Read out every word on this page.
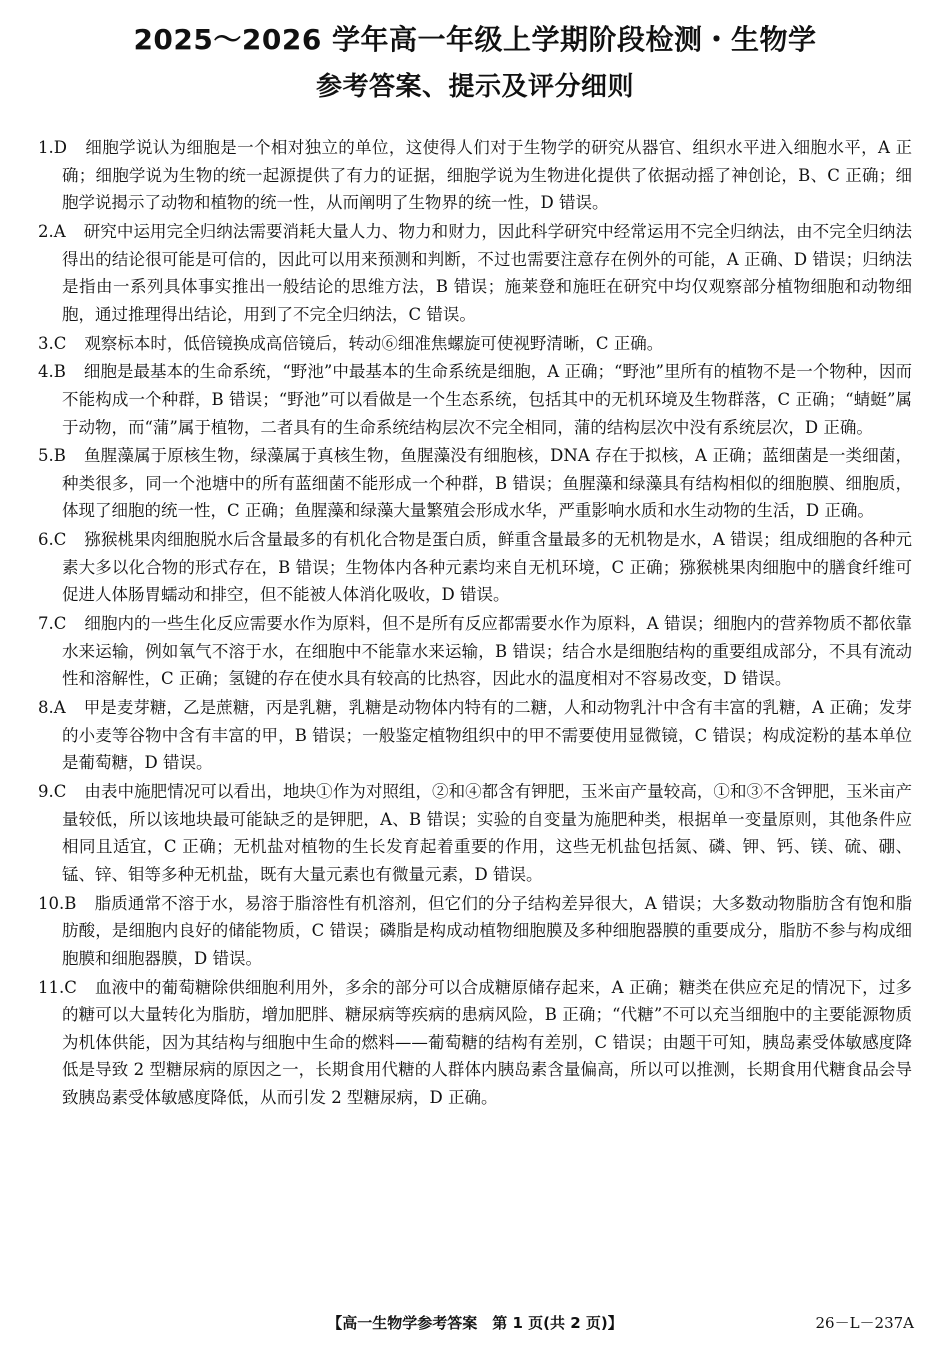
2025～2026 学年高一年级上学期阶段检测・生物学
参考答案、提示及评分细则

1.D 细胞学说认为细胞是一个相对独立的单位，这使得人们对于生物学的研究从器官、组织水平进入细胞水平，A 正确；细胞学说为生物的统一起源提供了有力的证据，细胞学说为生物进化提供了依据动摇了神创论，B、C 正确；细胞学说揭示了动物和植物的统一性，从而阐明了生物界的统一性，D 错误。

2.A 研究中运用完全归纳法需要消耗大量人力、物力和财力，因此科学研究中经常运用不完全归纳法，由不完全归纳法得出的结论很可能是可信的，因此可以用来预测和判断，不过也需要注意存在例外的可能，A 正确、D 错误；归纳法是指由一系列具体事实推出一般结论的思维方法，B 错误；施莱登和施旺在研究中均仅观察部分植物细胞和动物细胞，通过推理得出结论，用到了不完全归纳法，C 错误。

3.C 观察标本时，低倍镜换成高倍镜后，转动⑥细准焦螺旋可使视野清晰，C 正确。

4.B 细胞是最基本的生命系统，“野池”中最基本的生命系统是细胞，A 正确；“野池”里所有的植物不是一个物种，因而不能构成一个种群，B 错误；“野池”可以看做是一个生态系统，包括其中的无机环境及生物群落，C 正确；“蜻蜓”属于动物，而“蒲”属于植物，二者具有的生命系统结构层次不完全相同，蒲的结构层次中没有系统层次，D 正确。

5.B 鱼腥藻属于原核生物，绿藻属于真核生物，鱼腥藻没有细胞核，DNA 存在于拟核，A 正确；蓝细菌是一类细菌，种类很多，同一个池塘中的所有蓝细菌不能形成一个种群，B 错误；鱼腥藻和绿藻具有结构相似的细胞膜、细胞质，体现了细胞的统一性，C 正确；鱼腥藻和绿藻大量繁殖会形成水华，严重影响水质和水生动物的生活，D 正确。

6.C 猕猴桃果肉细胞脱水后含量最多的有机化合物是蛋白质，鲜重含量最多的无机物是水，A 错误；组成细胞的各种元素大多以化合物的形式存在，B 错误；生物体内各种元素均来自无机环境，C 正确；猕猴桃果肉细胞中的膳食纤维可促进人体肠胃蠕动和排空，但不能被人体消化吸收，D 错误。

7.C 细胞内的一些生化反应需要水作为原料，但不是所有反应都需要水作为原料，A 错误；细胞内的营养物质不都依靠水来运输，例如氧气不溶于水，在细胞中不能靠水来运输，B 错误；结合水是细胞结构的重要组成部分，不具有流动性和溶解性，C 正确；氢键的存在使水具有较高的比热容，因此水的温度相对不容易改变，D 错误。

8.A 甲是麦芽糖，乙是蔗糖，丙是乳糖，乳糖是动物体内特有的二糖，人和动物乳汁中含有丰富的乳糖，A 正确；发芽的小麦等谷物中含有丰富的甲，B 错误；一般鉴定植物组织中的甲不需要使用显微镜，C 错误；构成淀粉的基本单位是葡萄糖，D 错误。

9.C 由表中施肥情况可以看出，地块①作为对照组，②和④都含有钾肥，玉米亩产量较高，①和③不含钾肥，玉米亩产量较低，所以该地块最可能缺乏的是钾肥，A、B 错误；实验的自变量为施肥种类，根据单一变量原则，其他条件应相同且适宜，C 正确；无机盐对植物的生长发育起着重要的作用，这些无机盐包括氮、磷、钾、钙、镁、硫、硼、锰、锌、钼等多种无机盐，既有大量元素也有微量元素，D 错误。

10.B 脂质通常不溶于水，易溶于脂溶性有机溶剂，但它们的分子结构差异很大，A 错误；大多数动物脂肪含有饱和脂肪酸，是细胞内良好的储能物质，C 错误；磷脂是构成动植物细胞膜及多种细胞器膜的重要成分，脂肪不参与构成细胞膜和细胞器膜，D 错误。

11.C 血液中的葡萄糖除供细胞利用外，多余的部分可以合成糖原储存起来，A 正确；糖类在供应充足的情况下，过多的糖可以大量转化为脂肪，增加肥胖、糖尿病等疾病的患病风险，B 正确；“代糖”不可以充当细胞中的主要能源物质为机体供能，因为其结构与细胞中生命的燃料——葡萄糖的结构有差别，C 错误；由题干可知，胰岛素受体敏感度降低是导致 2 型糖尿病的原因之一，长期食用代糖的人群体内胰岛素含量偏高，所以可以推测，长期食用代糖食品会导致胰岛素受体敏感度降低，从而引发 2 型糖尿病，D 正确。

【高一生物学参考答案　第 1 页(共 2 页)】	26－L－237A
